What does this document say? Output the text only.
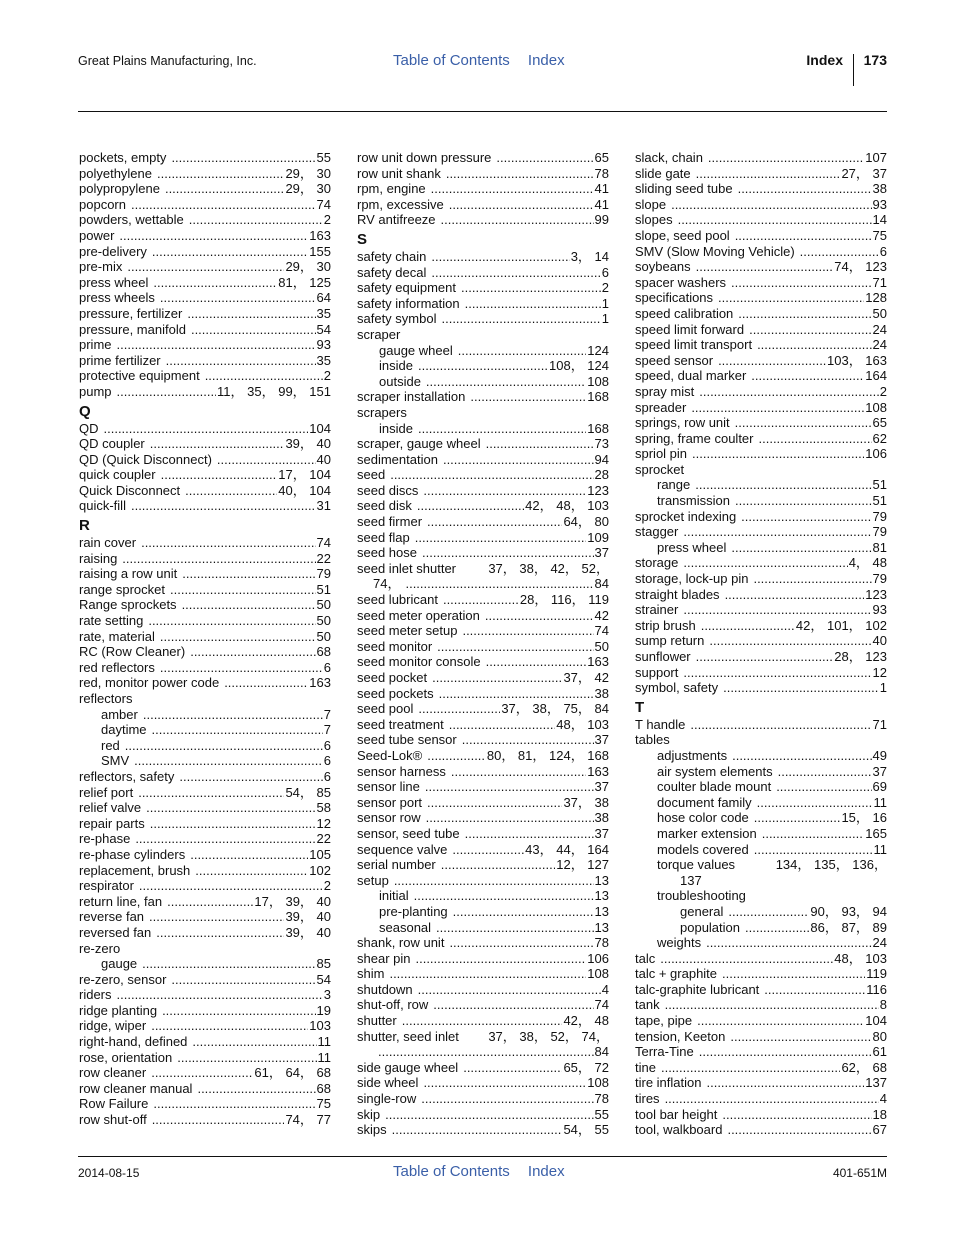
Great Plains Manufacturing, Inc.	Table of Contents Index	Index 173
pockets, empty .....	55
polyethylene .....	29， 30
polypropylene .....	29， 30
popcorn .....	74
powders, wettable .....	2
power .....	163
pre-delivery .....	155
pre-mix .....	29， 30
press wheel .....	81， 125
press wheels .....	64
pressure, fertilizer .....	35
pressure, manifold .....	54
prime .....	93
prime fertilizer .....	35
protective equipment .....	2
pump .....	11， 35， 99， 151
Q
QD .....	104
QD coupler .....	39， 40
QD (Quick Disconnect) .....	40
quick coupler .....	17， 104
Quick Disconnect .....	40， 104
quick-fill .....	31
R
rain cover .....	74
raising .....	22
raising a row unit .....	79
range sprocket .....	51
Range sprockets .....	50
rate setting .....	50
rate, material .....	50
RC (Row Cleaner) .....	68
red reflectors .....	6
red, monitor power code .....	163
reflectors
amber .....	7
daytime .....	7
red .....	6
SMV .....	6
reflectors, safety .....	6
relief port .....	54， 85
relief valve .....	58
repair parts .....	12
re-phase .....	22
re-phase cylinders .....	105
replacement, brush .....	102
respirator .....	2
return line, fan .....	17， 39， 40
reverse fan .....	39， 40
reversed fan .....	39， 40
re-zero
gauge .....	85
re-zero, sensor .....	54
riders .....	3
ridge planting .....	19
ridge, wiper .....	103
right-hand, defined .....	11
rose, orientation .....	11
row cleaner .....	61， 64， 68
row cleaner manual .....	68
Row Failure .....	75
row shut-off .....	74， 77
row unit down pressure .....	65
row unit shank .....	78
rpm, engine .....	41
rpm, excessive .....	41
RV antifreeze .....	99
S
safety chain .....	3， 14
safety decal .....	6
safety equipment .....	2
safety information .....	1
safety symbol .....	1
scraper
gauge wheel .....	124
inside .....	108， 124
outside .....	108
scraper installation .....	168
scrapers
inside .....	168
scraper, gauge wheel .....	73
sedimentation .....	94
seed .....	28
seed discs .....	123
seed disk .....	42， 48， 103
seed firmer .....	64， 80
seed flap .....	109
seed hose .....	37
seed inlet shutter 37， 38， 42， 52，
74， .....	84
seed lubricant .....	28， 116， 119
seed meter operation .....	42
seed meter setup .....	74
seed monitor .....	50
seed monitor console .....	163
seed pocket .....	37， 42
seed pockets .....	38
seed pool .....	37， 38， 75， 84
seed treatment .....	48， 103
seed tube sensor .....	37
Seed-Lok® .....	80， 81， 124， 168
sensor harness .....	163
sensor line .....	37
sensor port .....	37， 38
sensor row .....	38
sensor, seed tube .....	37
sequence valve .....	43， 44， 164
serial number .....	12， 127
setup .....	13
initial .....	13
pre-planting .....	13
seasonal .....	13
shank, row unit .....	78
shear pin .....	106
shim .....	108
shutdown .....	4
shut-off, row .....	74
shutter .....	42， 48
shutter, seed inlet 37， 38， 52， 74，
.....
84
side gauge wheel .....	65， 72
side wheel .....	108
single-row .....	78
skip .....	55
skips .....	54， 55
slack, chain .....	107
slide gate .....	27， 37
sliding seed tube .....	38
slope .....	93
slopes .....	14
slope, seed pool .....	75
SMV (Slow Moving Vehicle) .....	6
soybeans .....	74， 123
spacer washers .....	71
specifications .....	128
speed calibration .....	50
speed limit forward .....	24
speed limit transport .....	24
speed sensor .....	103， 163
speed, dual marker .....	164
spray mist .....	2
spreader .....	108
springs, row unit .....	65
spring, frame coulter .....	62
spriol pin .....	106
sprocket
range .....	51
transmission .....	51
sprocket indexing .....	79
stagger .....	79
press wheel .....	81
storage .....	4， 48
storage, lock-up pin .....	79
straight blades .....	123
strainer .....	93
strip brush .....	42， 101， 102
sump return .....	40
sunflower .....	28， 123
support .....	12
symbol, safety .....	1
T
T handle .....	71
tables
adjustments .....	49
air system elements .....	37
coulter blade mount .....	69
document family .....	11
hose color code .....	15， 16
marker extension .....	165
models covered .....	11
torque values	134， 135， 136，
137
troubleshooting
general .....	90， 93， 94
population .....	86， 87， 89
weights .....	24
talc .....	48， 103
talc + graphite .....	119
talc-graphite lubricant .....	116
tank .....	8
tape, pipe .....	104
tension, Keeton .....	80
Terra-Tine .....	61
tine .....	62， 68
tire inflation .....	137
tires .....	4
tool bar height .....	18
tool, walkboard .....	67
2014-08-15	Table of Contents Index	401-651M
